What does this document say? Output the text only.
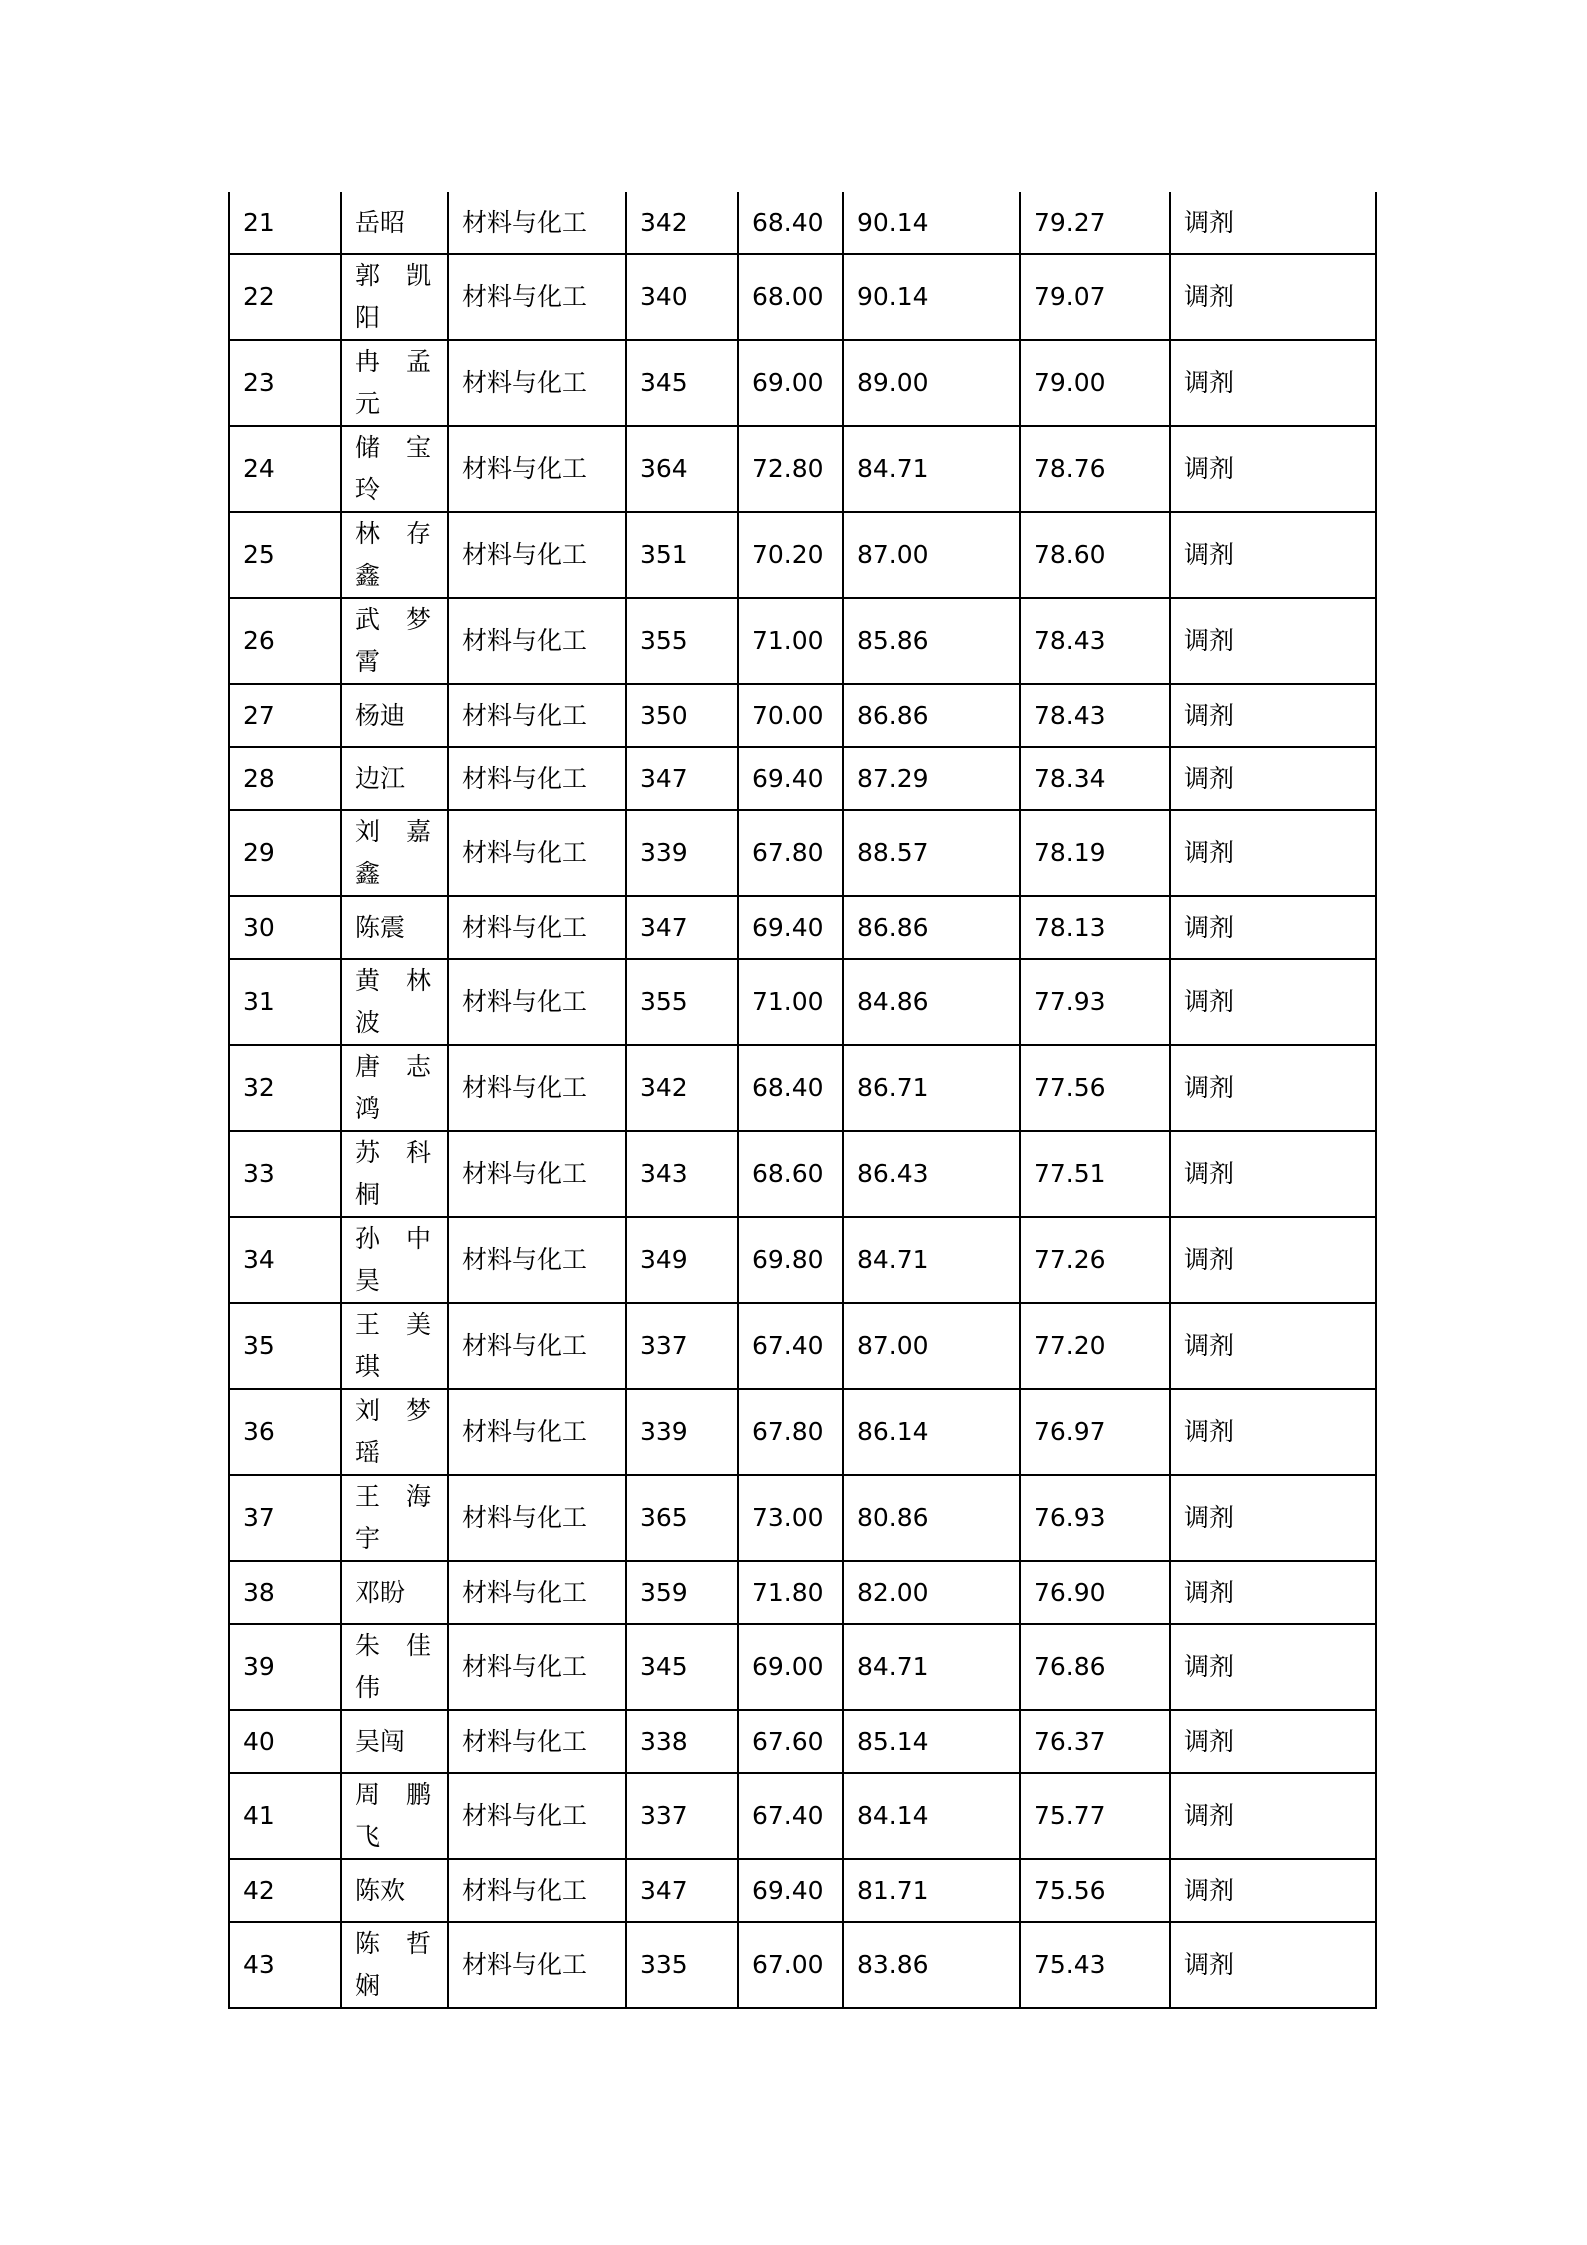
21	岳昭	材料与化工	342	68.40	90.14	79.27	调剂
22	郭凯阳	材料与化工	340	68.00	90.14	79.07	调剂
23	冉孟元	材料与化工	345	69.00	89.00	79.00	调剂
24	储宝玲	材料与化工	364	72.80	84.71	78.76	调剂
25	林存鑫	材料与化工	351	70.20	87.00	78.60	调剂
26	武梦霄	材料与化工	355	71.00	85.86	78.43	调剂
27	杨迪	材料与化工	350	70.00	86.86	78.43	调剂
28	边江	材料与化工	347	69.40	87.29	78.34	调剂
29	刘嘉鑫	材料与化工	339	67.80	88.57	78.19	调剂
30	陈震	材料与化工	347	69.40	86.86	78.13	调剂
31	黄林波	材料与化工	355	71.00	84.86	77.93	调剂
32	唐志鸿	材料与化工	342	68.40	86.71	77.56	调剂
33	苏科桐	材料与化工	343	68.60	86.43	77.51	调剂
34	孙中昊	材料与化工	349	69.80	84.71	77.26	调剂
35	王美琪	材料与化工	337	67.40	87.00	77.20	调剂
36	刘梦瑶	材料与化工	339	67.80	86.14	76.97	调剂
37	王海宇	材料与化工	365	73.00	80.86	76.93	调剂
38	邓盼	材料与化工	359	71.80	82.00	76.90	调剂
39	朱佳伟	材料与化工	345	69.00	84.71	76.86	调剂
40	吴闯	材料与化工	338	67.60	85.14	76.37	调剂
41	周鹏飞	材料与化工	337	67.40	84.14	75.77	调剂
42	陈欢	材料与化工	347	69.40	81.71	75.56	调剂
43	陈哲娴	材料与化工	335	67.00	83.86	75.43	调剂
